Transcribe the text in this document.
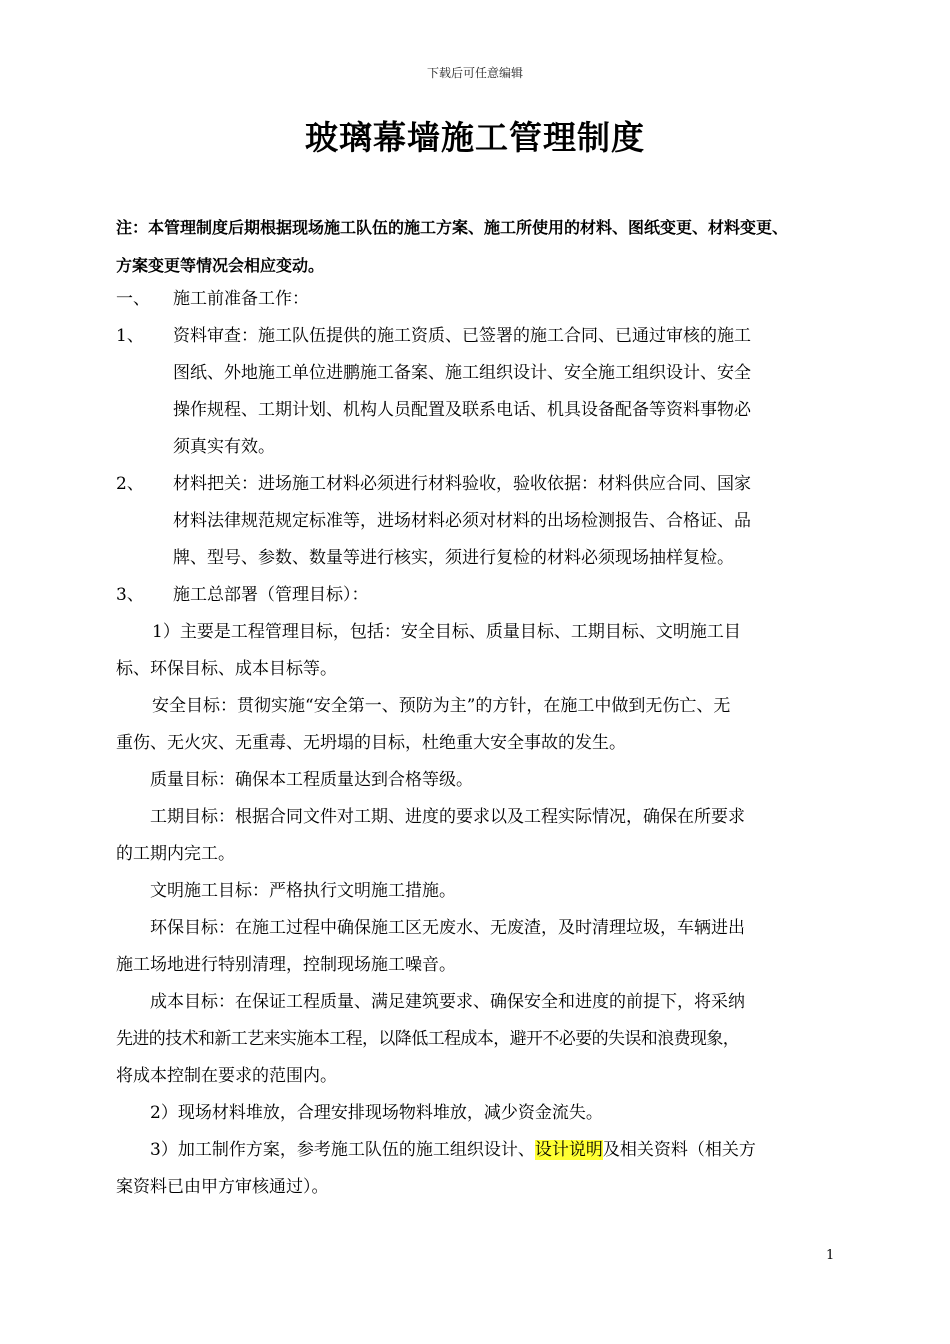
下载后可任意编辑
玻璃幕墙施工管理制度
注：本管理制度后期根据现场施工队伍的施工方案、施工所使用的材料、图纸变更、材料变更、
方案变更等情况会相应变动。
一、 施工前准备工作：
1、 资料审查：施工队伍提供的施工资质、已签署的施工合同、已通过审核的施工
图纸、外地施工单位进鹏施工备案、施工组织设计、安全施工组织设计、安全
操作规程、工期计划、机构人员配置及联系电话、机具设备配备等资料事物必
须真实有效。
2、 材料把关：进场施工材料必须进行材料验收，验收依据：材料供应合同、国家
材料法律规范规定标准等，进场材料必须对材料的出场检测报告、合格证、品
牌、型号、参数、数量等进行核实，须进行复检的材料必须现场抽样复检。
3、 施工总部署（管理目标）：
1）主要是工程管理目标，包括：安全目标、质量目标、工期目标、文明施工目
标、环保目标、成本目标等。
安全目标：贯彻实施“安全第一、预防为主”的方针，在施工中做到无伤亡、无
重伤、无火灾、无重毒、无坍塌的目标，杜绝重大安全事故的发生。
质量目标：确保本工程质量达到合格等级。
工期目标：根据合同文件对工期、进度的要求以及工程实际情况，确保在所要求
的工期内完工。
文明施工目标：严格执行文明施工措施。
环保目标：在施工过程中确保施工区无废水、无废渣，及时清理垃圾，车辆进出
施工场地进行特别清理，控制现场施工噪音。
成本目标：在保证工程质量、满足建筑要求、确保安全和进度的前提下，将采纳
先进的技术和新工艺来实施本工程，以降低工程成本，避开不必要的失误和浪费现象，
将成本控制在要求的范围内。
2）现场材料堆放，合理安排现场物料堆放，减少资金流失。
3）加工制作方案，参考施工队伍的施工组织设计、设计说明及相关资料（相关方
案资料已由甲方审核通过）。
1
